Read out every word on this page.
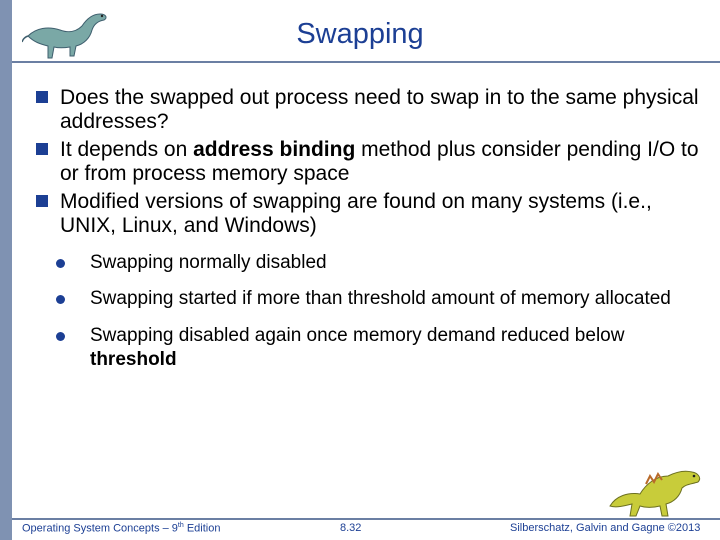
Swapping
Does the swapped out process need to swap in to the same physical addresses?
It depends on address binding method plus consider pending I/O to or from process memory space
Modified versions of swapping are found on many systems (i.e., UNIX, Linux, and Windows)
Swapping normally disabled
Swapping started if more than threshold amount of memory allocated
Swapping disabled again once memory demand reduced below threshold
Operating System Concepts – 9th Edition	8.32	Silberschatz, Galvin and Gagne ©2013
